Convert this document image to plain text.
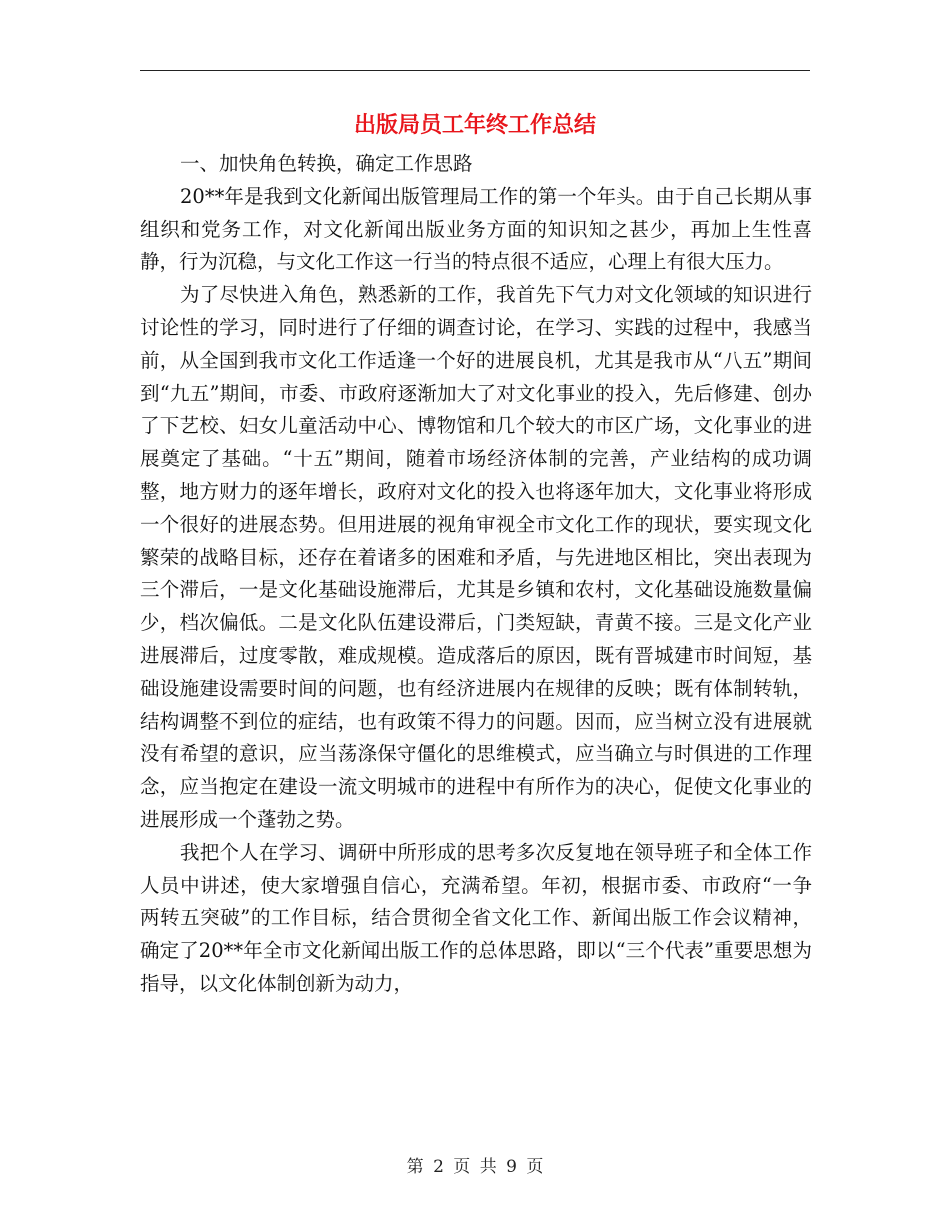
出版局员工年终工作总结

一、加快角色转换，确定工作思路

20**年是我到文化新闻出版管理局工作的第一个年头。由于自己长期从事组织和党务工作，对文化新闻出版业务方面的知识知之甚少，再加上生性喜静，行为沉稳，与文化工作这一行当的特点很不适应，心理上有很大压力。

为了尽快进入角色，熟悉新的工作，我首先下气力对文化领域的知识进行讨论性的学习，同时进行了仔细的调查讨论，在学习、实践的过程中，我感当前，从全国到我市文化工作适逢一个好的进展良机，尤其是我市从“八五”期间到“九五”期间，市委、市政府逐渐加大了对文化事业的投入，先后修建、创办了下艺校、妇女儿童活动中心、博物馆和几个较大的市区广场，文化事业的进展奠定了基础。“十五”期间，随着市场经济体制的完善，产业结构的成功调整，地方财力的逐年增长，政府对文化的投入也将逐年加大，文化事业将形成一个很好的进展态势。但用进展的视角审视全市文化工作的现状，要实现文化繁荣的战略目标，还存在着诸多的困难和矛盾，与先进地区相比，突出表现为三个滞后，一是文化基础设施滞后，尤其是乡镇和农村，文化基础设施数量偏少，档次偏低。二是文化队伍建设滞后，门类短缺，青黄不接。三是文化产业进展滞后，过度零散，难成规模。造成落后的原因，既有晋城建市时间短，基础设施建设需要时间的问题，也有经济进展内在规律的反映；既有体制转轨，结构调整不到位的症结，也有政策不得力的问题。因而，应当树立没有进展就没有希望的意识，应当荡涤保守僵化的思维模式，应当确立与时俱进的工作理念，应当抱定在建设一流文明城市的进程中有所作为的决心，促使文化事业的进展形成一个蓬勃之势。

我把个人在学习、调研中所形成的思考多次反复地在领导班子和全体工作人员中讲述，使大家增强自信心，充满希望。年初，根据市委、市政府“一争两转五突破”的工作目标，结合贯彻全省文化工作、新闻出版工作会议精神，确定了20**年全市文化新闻出版工作的总体思路，即以“三个代表”重要思想为指导，以文化体制创新为动力，

第 2 页 共 9 页
